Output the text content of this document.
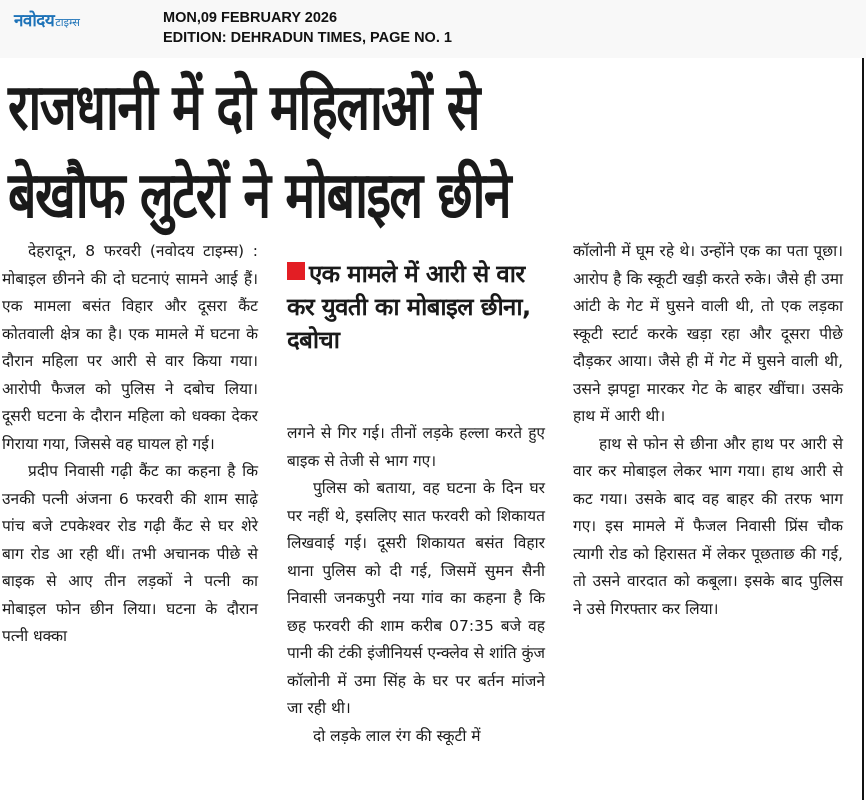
नवोदय टाइम्स	MON,09 FEBRUARY 2026
EDITION: DEHRADUN TIMES, PAGE NO. 1
राजधानी में दो महिलाओं से
बेखौफ लुटेरों ने मोबाइल छीने

देहरादून, 8 फरवरी (नवोदय टाइम्स) : मोबाइल छीनने की दो घटनाएं सामने आई हैं। एक मामला बसंत विहार और दूसरा कैंट कोतवाली क्षेत्र का है। एक मामले में घटना के दौरान महिला पर आरी से वार किया गया। आरोपी फैजल को पुलिस ने दबोच लिया। दूसरी घटना के दौरान महिला को धक्का देकर गिराया गया, जिससे वह घायल हो गई।

प्रदीप निवासी गढ़ी कैंट का कहना है कि उनकी पत्नी अंजना 6 फरवरी की शाम साढ़े पांच बजे टपकेश्वर रोड गढ़ी कैंट से घर शेरे बाग रोड आ रही थीं। तभी अचानक पीछे से बाइक से आए तीन लड़कों ने पत्नी का मोबाइल फोन छीन लिया। घटना के दौरान पत्नी धक्का

एक मामले में आरी से वार कर युवती का मोबाइल छीना, दबोचा

लगने से गिर गई। तीनों लड़के हल्ला करते हुए बाइक से तेजी से भाग गए।

पुलिस को बताया, वह घटना के दिन घर पर नहीं थे, इसलिए सात फरवरी को शिकायत लिखवाई गई। दूसरी शिकायत बसंत विहार थाना पुलिस को दी गई, जिसमें सुमन सैनी निवासी जनकपुरी नया गांव का कहना है कि छह फरवरी की शाम करीब 07:35 बजे वह पानी की टंकी इंजीनियर्स एन्क्लेव से शांति कुंज कॉलोनी में उमा सिंह के घर पर बर्तन मांजने जा रही थी।

दो लड़के लाल रंग की स्कूटी में

कॉलोनी में घूम रहे थे। उन्होंने एक का पता पूछा। आरोप है कि स्कूटी खड़ी करते रुके। जैसे ही उमा आंटी के गेट में घुसने वाली थी, तो एक लड़का स्कूटी स्टार्ट करके खड़ा रहा और दूसरा पीछे दौड़कर आया। जैसे ही में गेट में घुसने वाली थी, उसने झपट्टा मारकर गेट के बाहर खींचा। उसके हाथ में आरी थी।

हाथ से फोन से छीना और हाथ पर आरी से वार कर मोबाइल लेकर भाग गया। हाथ आरी से कट गया। उसके बाद वह बाहर की तरफ भाग गए। इस मामले में फैजल निवासी प्रिंस चौक त्यागी रोड को हिरासत में लेकर पूछताछ की गई, तो उसने वारदात को कबूला। इसके बाद पुलिस ने उसे गिरफ्तार कर लिया।
